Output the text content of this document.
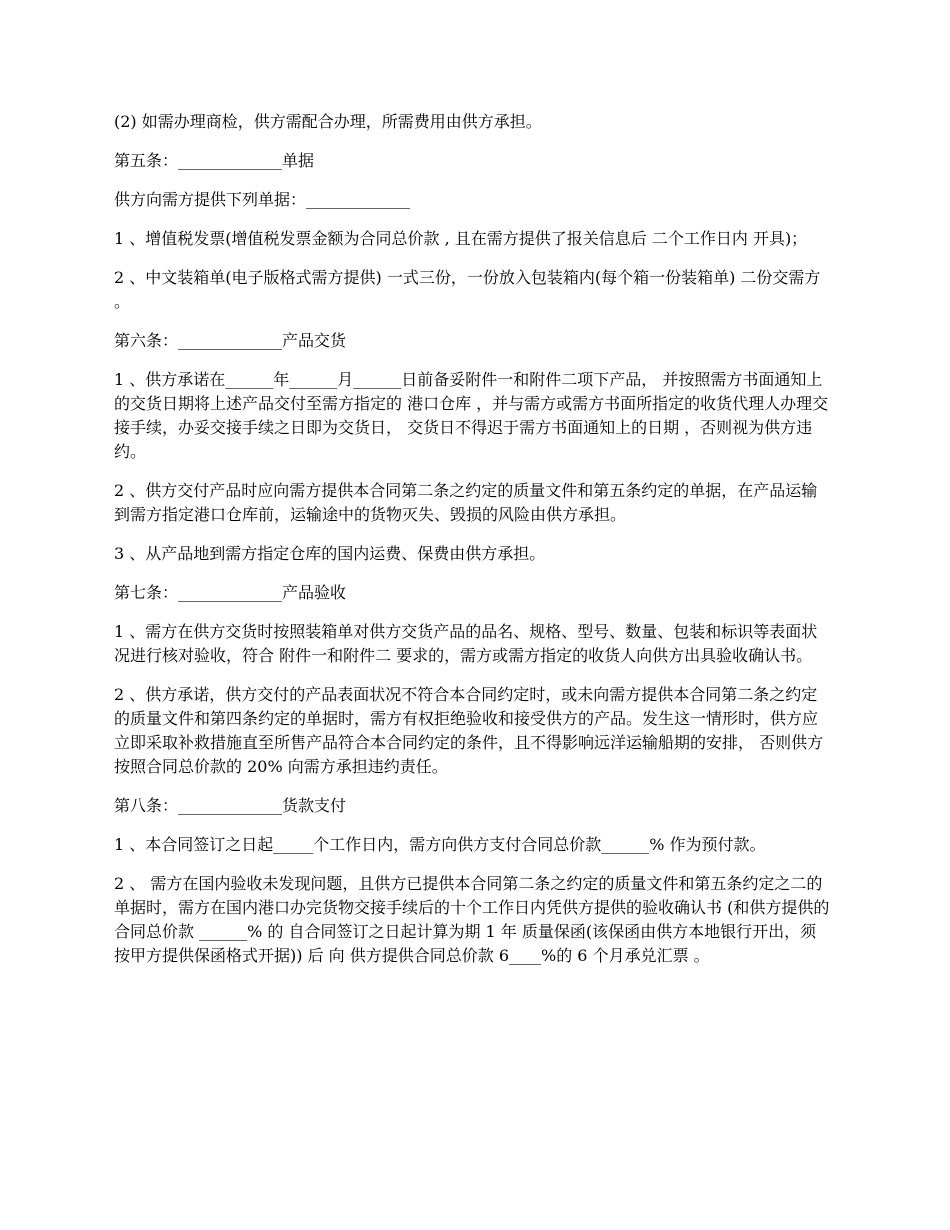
(2) 如需办理商检，供方需配合办理，所需费用由供方承担。

第五条：_____________单据

供方向需方提供下列单据：_____________

1 、增值税发票(增值税发票金额为合同总价款 , 且在需方提供了报关信息后 二个工作日内 开具)；

2 、中文装箱单(电子版格式需方提供) 一式三份，一份放入包装箱内(每个箱一份装箱单) 二份交需方 。

第六条：_____________产品交货

1 、供方承诺在______年______月______日前备妥附件一和附件二项下产品， 并按照需方书面通知上的交货日期将上述产品交付至需方指定的 港口仓库 ，并与需方或需方书面所指定的收货代理人办理交接手续，办妥交接手续之日即为交货日， 交货日不得迟于需方书面通知上的日期 ，否则视为供方违约。

2 、供方交付产品时应向需方提供本合同第二条之约定的质量文件和第五条约定的单据，在产品运输到需方指定港口仓库前，运输途中的货物灭失、毁损的风险由供方承担。

3 、从产品地到需方指定仓库的国内运费、保费由供方承担。

第七条：_____________产品验收

1 、需方在供方交货时按照装箱单对供方交货产品的品名、规格、型号、数量、包装和标识等表面状况进行核对验收，符合 附件一和附件二 要求的，需方或需方指定的收货人向供方出具验收确认书。

2 、供方承诺，供方交付的产品表面状况不符合本合同约定时，或未向需方提供本合同第二条之约定的质量文件和第四条约定的单据时，需方有权拒绝验收和接受供方的产品。发生这一情形时，供方应立即采取补救措施直至所售产品符合本合同约定的条件，且不得影响远洋运输船期的安排， 否则供方按照合同总价款的 20% 向需方承担违约责任。

第八条：_____________货款支付

1 、本合同签订之日起_____个工作日内，需方向供方支付合同总价款______% 作为预付款。

2 、 需方在国内验收未发现问题，且供方已提供本合同第二条之约定的质量文件和第五条约定之二的单据时，需方在国内港口办完货物交接手续后的十个工作日内凭供方提供的验收确认书 (和供方提供的合同总价款 ______% 的 自合同签订之日起计算为期 1 年 质量保函(该保函由供方本地银行开出，须按甲方提供保函格式开据)) 后 向 供方提供合同总价款 6____%的 6 个月承兑汇票 。
